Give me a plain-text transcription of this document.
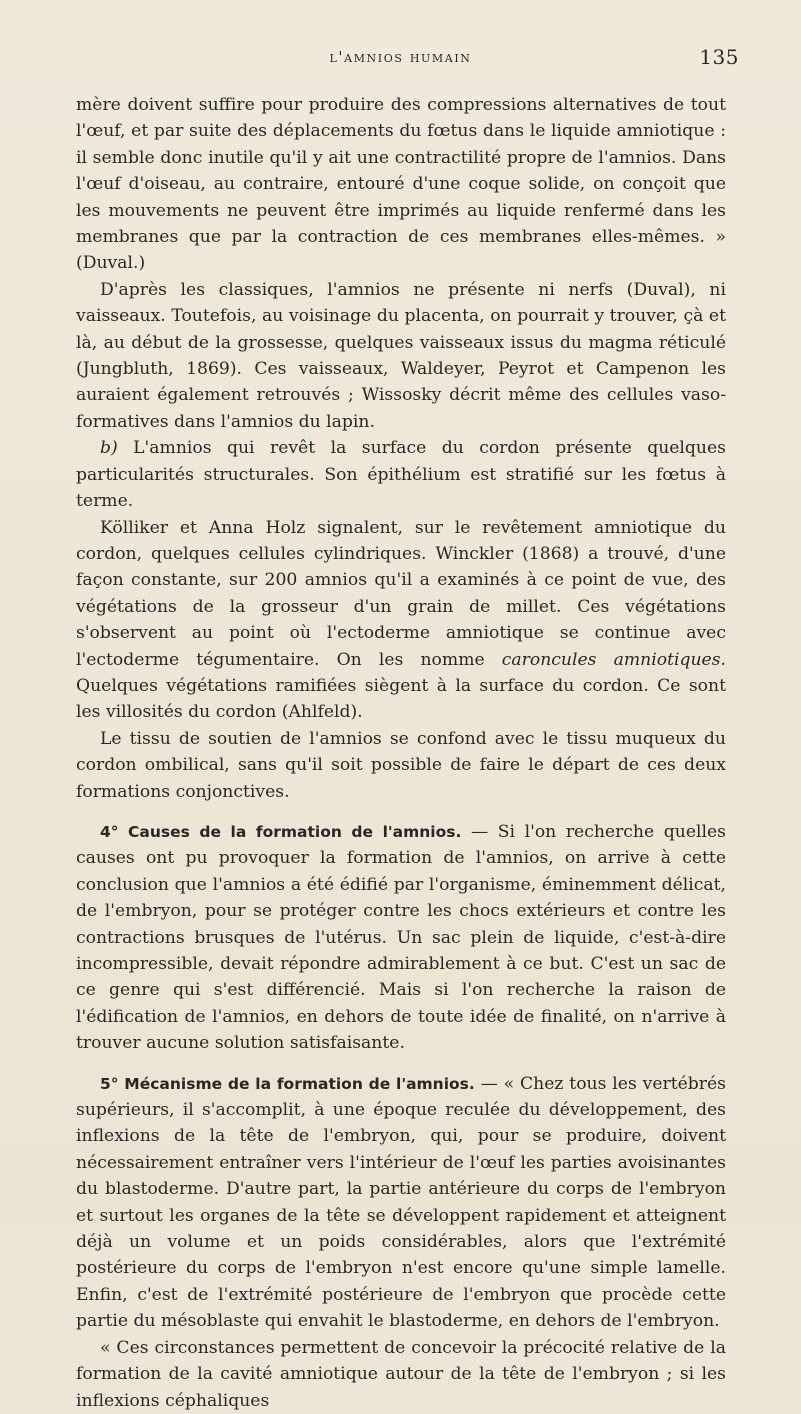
l'amnios humain	135

mère doivent suffire pour produire des compressions alternatives de tout l'œuf, et par suite des déplacements du fœtus dans le liquide amniotique : il semble donc inutile qu'il y ait une contractilité propre de l'amnios. Dans l'œuf d'oiseau, au contraire, entouré d'une coque solide, on conçoit que les mouvements ne peuvent être imprimés au liquide renfermé dans les membranes que par la contraction de ces membranes elles-mêmes. » (Duval.)

D'après les classiques, l'amnios ne présente ni nerfs (Duval), ni vaisseaux. Toutefois, au voisinage du placenta, on pourrait y trouver, çà et là, au début de la grossesse, quelques vaisseaux issus du magma réticulé (Jungbluth, 1869). Ces vaisseaux, Waldeyer, Peyrot et Campenon les auraient également retrouvés ; Wissosky décrit même des cellules vaso-formatives dans l'amnios du lapin.

b) L'amnios qui revêt la surface du cordon présente quelques particularités structurales. Son épithélium est stratifié sur les fœtus à terme.

Kölliker et Anna Holz signalent, sur le revêtement amniotique du cordon, quelques cellules cylindriques. Winckler (1868) a trouvé, d'une façon constante, sur 200 amnios qu'il a examinés à ce point de vue, des végétations de la grosseur d'un grain de millet. Ces végétations s'observent au point où l'ectoderme amniotique se continue avec l'ectoderme tégumentaire. On les nomme caroncules amniotiques. Quelques végétations ramifiées siègent à la surface du cordon. Ce sont les villosités du cordon (Ahlfeld).

Le tissu de soutien de l'amnios se confond avec le tissu muqueux du cordon ombilical, sans qu'il soit possible de faire le départ de ces deux formations conjonctives.

4° Causes de la formation de l'amnios. — Si l'on recherche quelles causes ont pu provoquer la formation de l'amnios, on arrive à cette conclusion que l'amnios a été édifié par l'organisme, éminemment délicat, de l'embryon, pour se protéger contre les chocs extérieurs et contre les contractions brusques de l'utérus. Un sac plein de liquide, c'est-à-dire incompressible, devait répondre admirablement à ce but. C'est un sac de ce genre qui s'est différencié. Mais si l'on recherche la raison de l'édification de l'amnios, en dehors de toute idée de finalité, on n'arrive à trouver aucune solution satisfaisante.

5° Mécanisme de la formation de l'amnios. — « Chez tous les vertébrés supérieurs, il s'accomplit, à une époque reculée du développement, des inflexions de la tête de l'embryon, qui, pour se produire, doivent nécessairement entraîner vers l'intérieur de l'œuf les parties avoisinantes du blastoderme. D'autre part, la partie antérieure du corps de l'embryon et surtout les organes de la tête se développent rapidement et atteignent déjà un volume et un poids considérables, alors que l'extrémité postérieure du corps de l'embryon n'est encore qu'une simple lamelle. Enfin, c'est de l'extrémité postérieure de l'embryon que procède cette partie du mésoblaste qui envahit le blastoderme, en dehors de l'embryon.

« Ces circonstances permettent de concevoir la précocité relative de la formation de la cavité amniotique autour de la tête de l'embryon ; si les inflexions céphaliques
